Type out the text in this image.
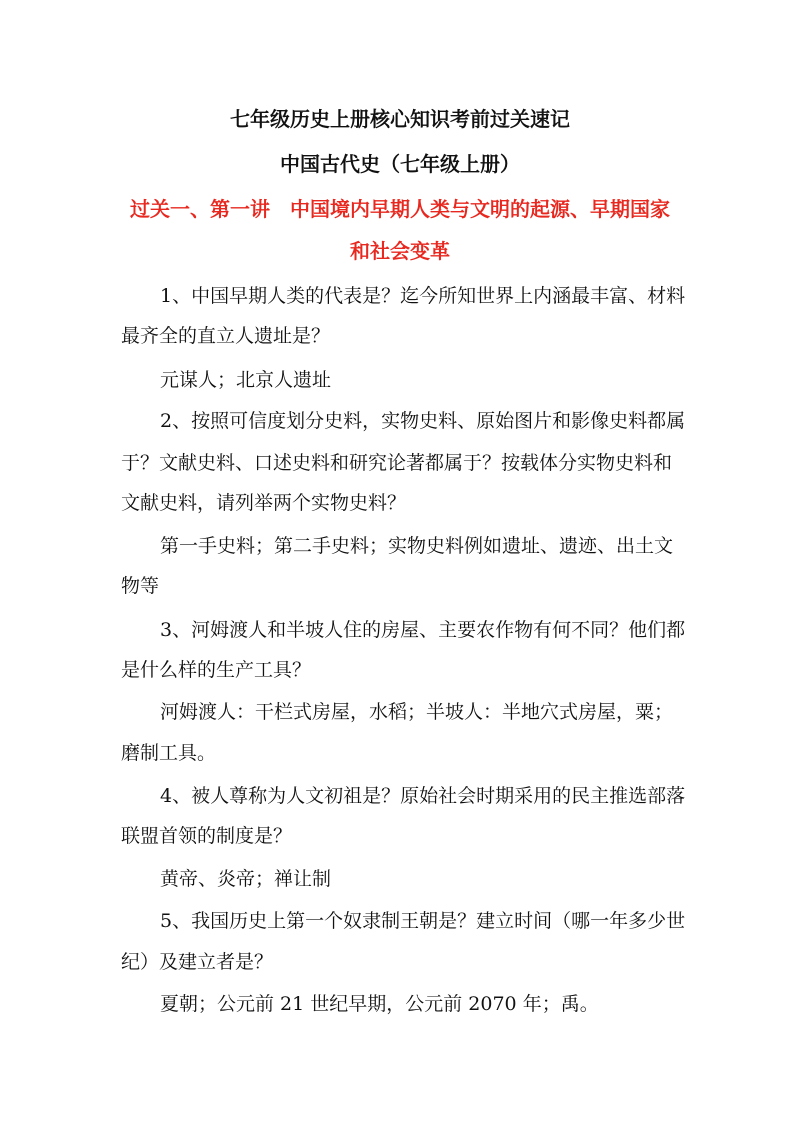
七年级历史上册核心知识考前过关速记
中国古代史（七年级上册）
过关一、第一讲　中国境内早期人类与文明的起源、早期国家
和社会变革
1、中国早期人类的代表是？迄今所知世界上内涵最丰富、材料
最齐全的直立人遗址是？
元谋人；北京人遗址
2、按照可信度划分史料，实物史料、原始图片和影像史料都属
于？文献史料、口述史料和研究论著都属于？按载体分实物史料和
文献史料，请列举两个实物史料？
第一手史料；第二手史料；实物史料例如遗址、遗迹、出土文
物等
3、河姆渡人和半坡人住的房屋、主要农作物有何不同？他们都
是什么样的生产工具？
河姆渡人：干栏式房屋，水稻；半坡人：半地穴式房屋，粟；
磨制工具。
4、被人尊称为人文初祖是？原始社会时期采用的民主推选部落
联盟首领的制度是？
黄帝、炎帝；禅让制
5、我国历史上第一个奴隶制王朝是？建立时间（哪一年多少世
纪）及建立者是？
夏朝；公元前 21 世纪早期，公元前 2070 年；禹。
